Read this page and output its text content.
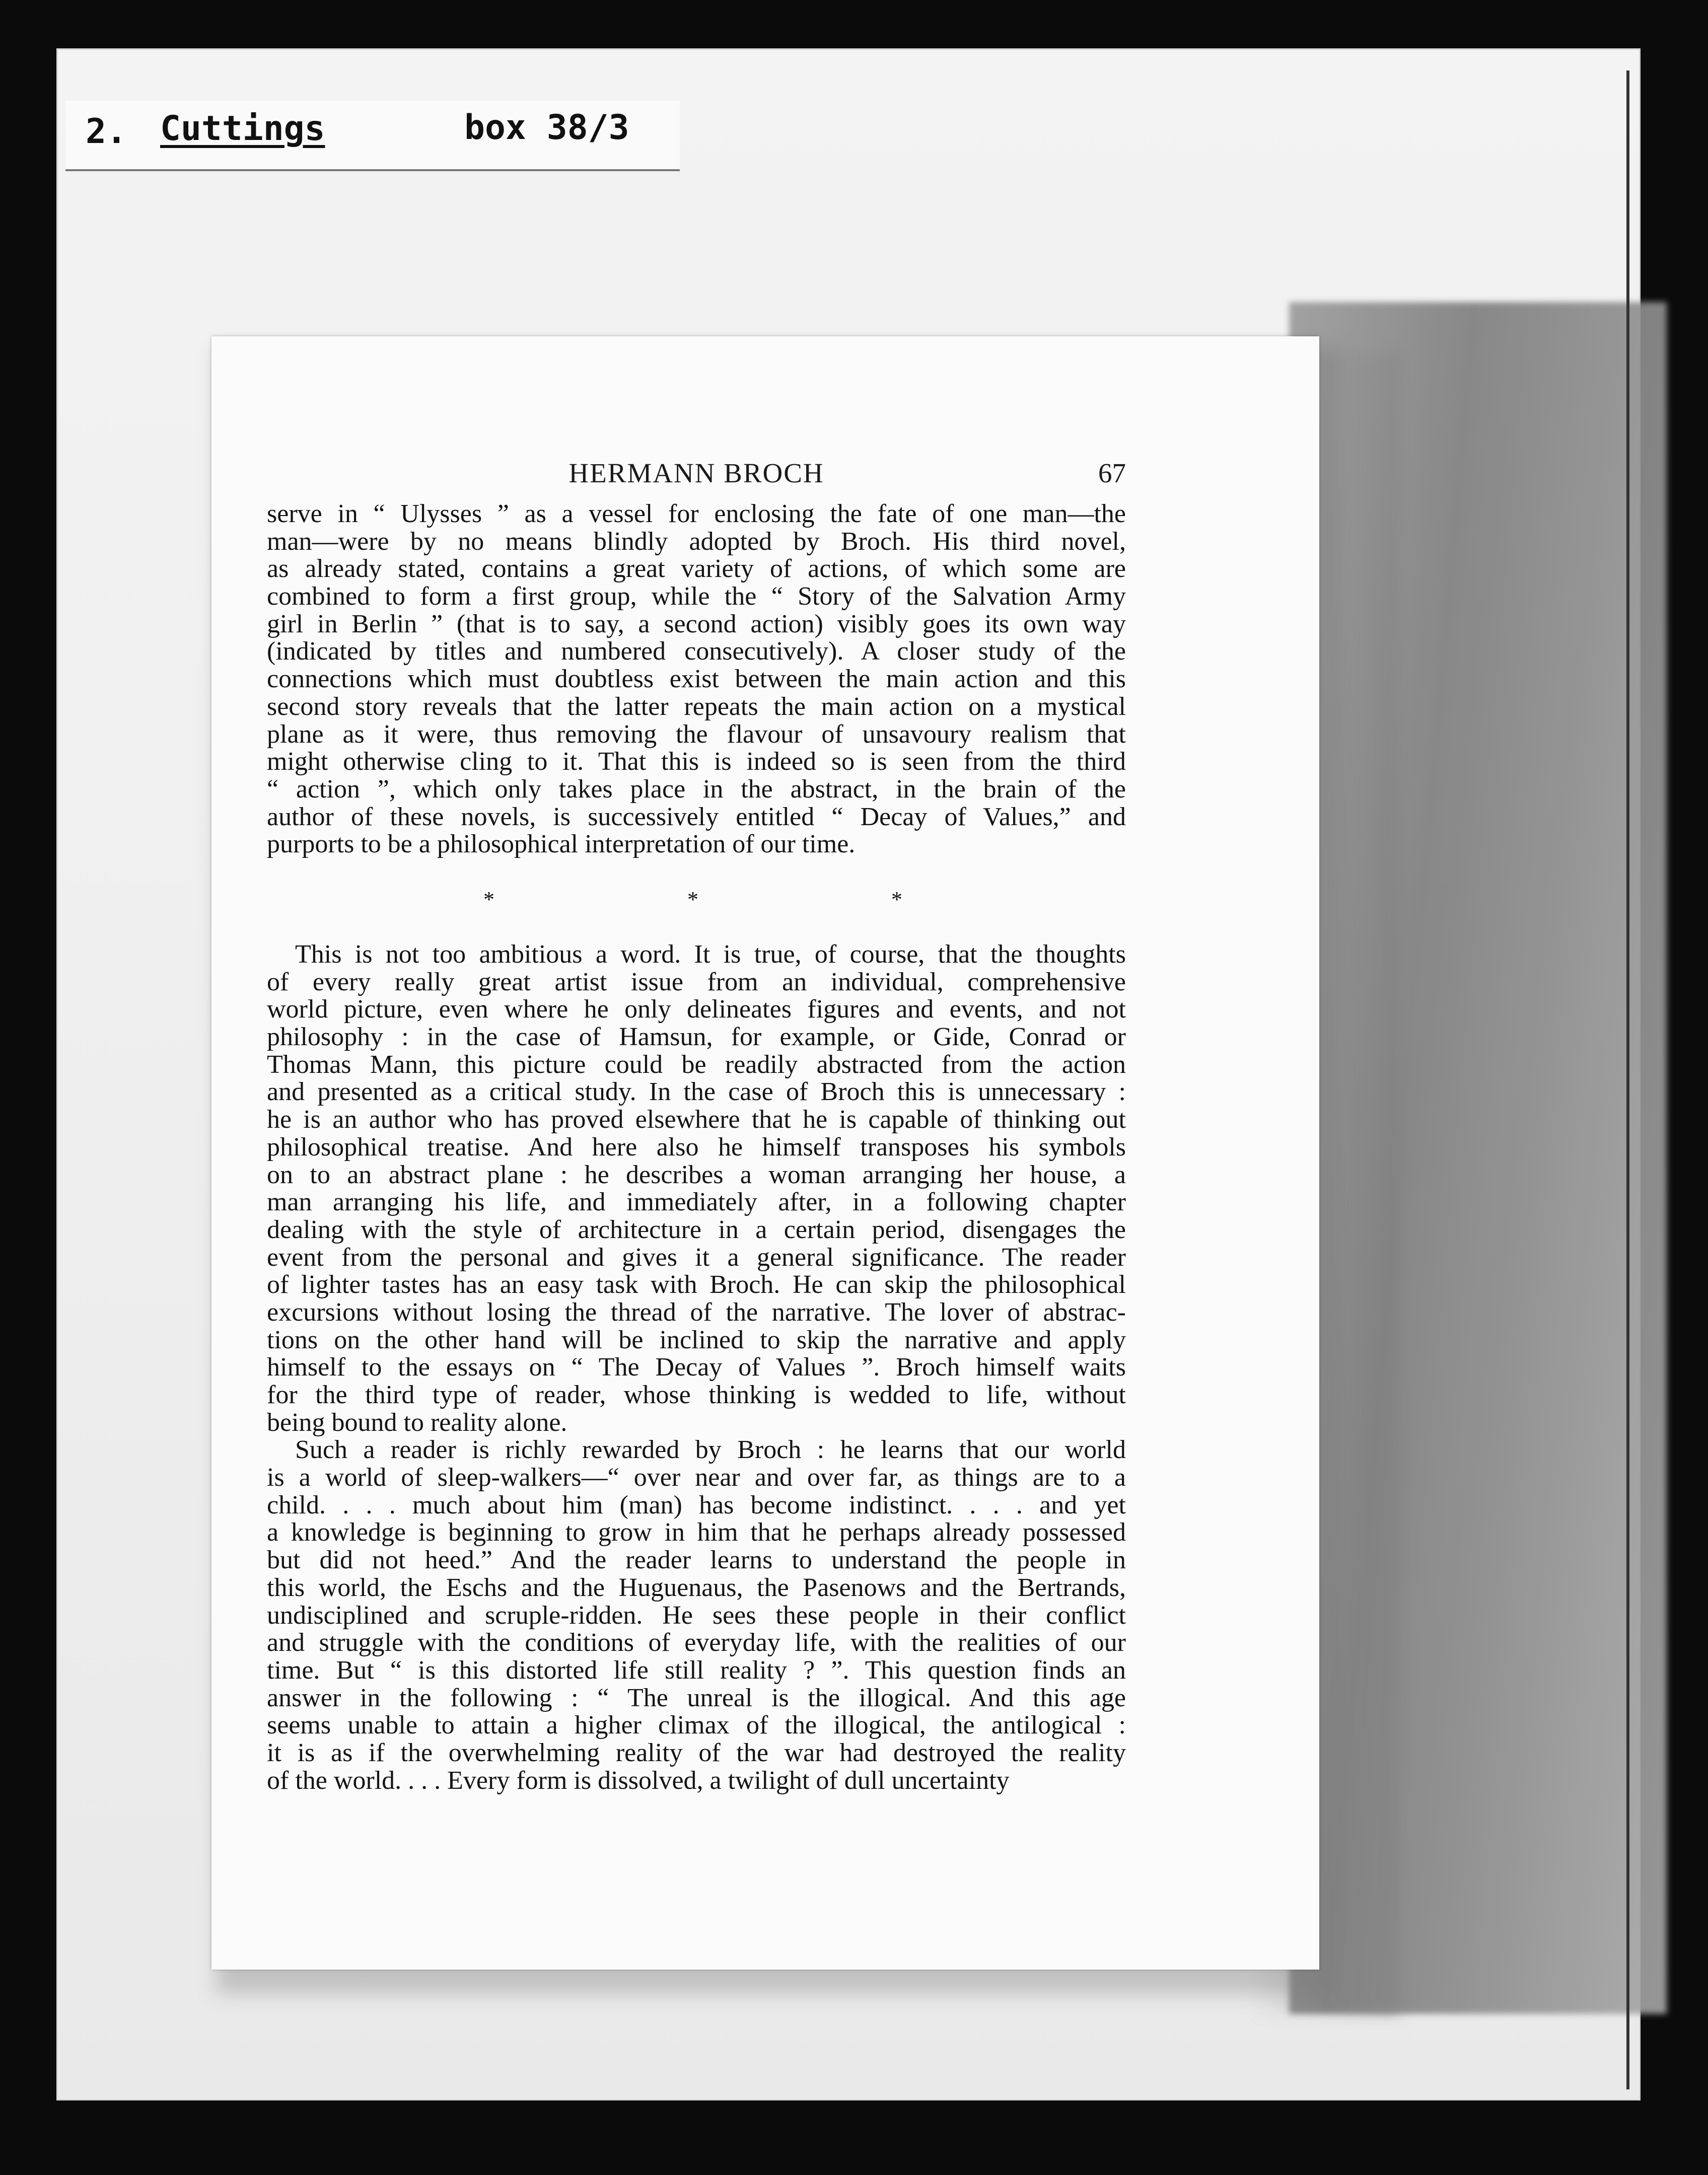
2. Cuttings	box 38/3
HERMANN BROCH	67
serve in “ Ulysses ” as a vessel for enclosing the fate of one man—the
man—were by no means blindly adopted by Broch. His third novel,
as already stated, contains a great variety of actions, of which some are
combined to form a first group, while the “ Story of the Salvation Army
girl in Berlin ” (that is to say, a second action) visibly goes its own way
(indicated by titles and numbered consecutively). A closer study of the
connections which must doubtless exist between the main action and this
second story reveals that the latter repeats the main action on a mystical
plane as it were, thus removing the flavour of unsavoury realism that
might otherwise cling to it. That this is indeed so is seen from the third
“ action ”, which only takes place in the abstract, in the brain of the
author of these novels, is successively entitled “ Decay of Values,” and
purports to be a philosophical interpretation of our time.
*	*	*
This is not too ambitious a word. It is true, of course, that the thoughts
of every really great artist issue from an individual, comprehensive
world picture, even where he only delineates figures and events, and not
philosophy : in the case of Hamsun, for example, or Gide, Conrad or
Thomas Mann, this picture could be readily abstracted from the action
and presented as a critical study. In the case of Broch this is unnecessary :
he is an author who has proved elsewhere that he is capable of thinking out
philosophical treatise. And here also he himself transposes his symbols
on to an abstract plane : he describes a woman arranging her house, a
man arranging his life, and immediately after, in a following chapter
dealing with the style of architecture in a certain period, disengages the
event from the personal and gives it a general significance. The reader
of lighter tastes has an easy task with Broch. He can skip the philosophical
excursions without losing the thread of the narrative. The lover of abstrac-
tions on the other hand will be inclined to skip the narrative and apply
himself to the essays on “ The Decay of Values ”. Broch himself waits
for the third type of reader, whose thinking is wedded to life, without
being bound to reality alone.
Such a reader is richly rewarded by Broch : he learns that our world
is a world of sleep-walkers—“ over near and over far, as things are to a
child. . . . much about him (man) has become indistinct. . . . and yet
a knowledge is beginning to grow in him that he perhaps already possessed
but did not heed.” And the reader learns to understand the people in
this world, the Eschs and the Huguenaus, the Pasenows and the Bertrands,
undisciplined and scruple-ridden. He sees these people in their conflict
and struggle with the conditions of everyday life, with the realities of our
time. But “ is this distorted life still reality ? ”. This question finds an
answer in the following : “ The unreal is the illogical. And this age
seems unable to attain a higher climax of the illogical, the antilogical :
it is as if the overwhelming reality of the war had destroyed the reality
of the world. . . . Every form is dissolved, a twilight of dull uncertainty
